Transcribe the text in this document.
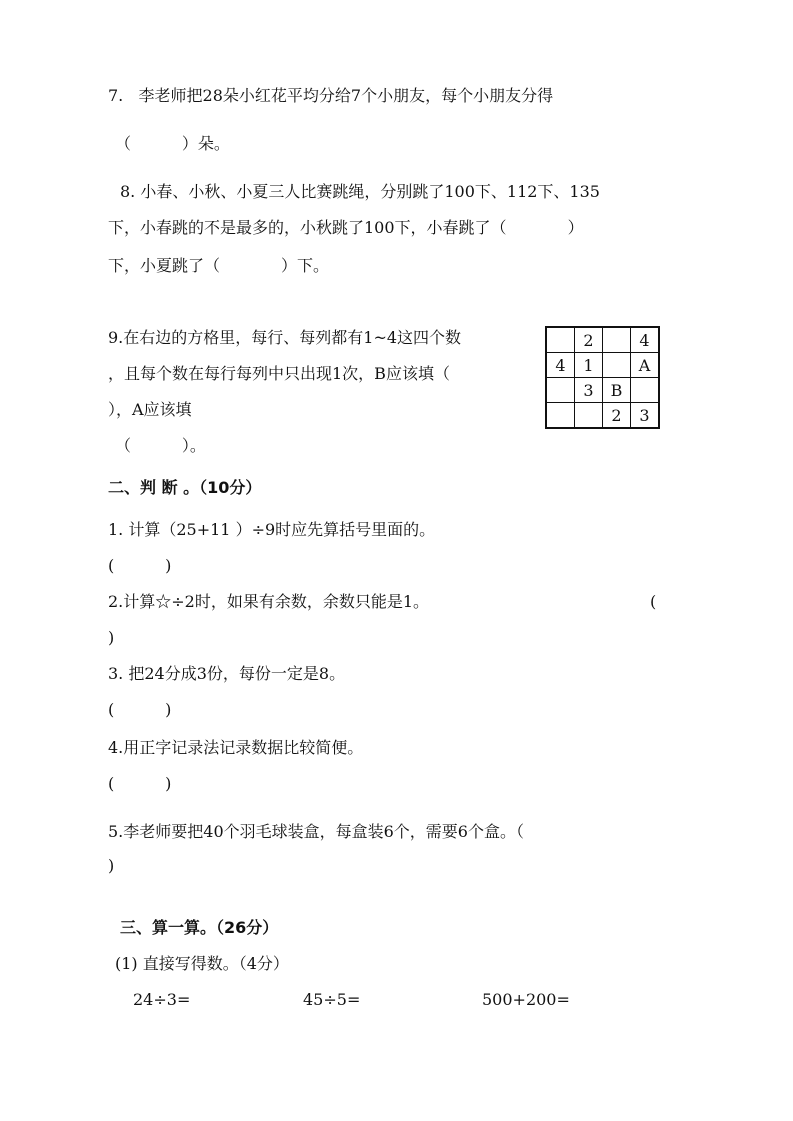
7.   李老师把28朵小红花平均分给7个小朋友，每个小朋友分得
（          ）朵。
8. 小春、小秋、小夏三人比赛跳绳，分别跳了100下、112下、135
下，小春跳的不是最多的，小秋跳了100下，小春跳了（            ）
下，小夏跳了（            ）下。
9.在右边的方格里，每行、每列都有1~4这四个数
，且每个数在每行每列中只出现1次，B应该填（
），A应该填
（          ）。
	2		4
4	1		A
	3	B	
		2	3
二、判 断 。（10分）
1. 计算（25+11 ）÷9时应先算括号里面的。
(          )
2.计算☆÷2时，如果有余数，余数只能是1。	(
)
3. 把24分成3份，每份一定是8。
(          )
4.用正字记录法记录数据比较简便。
(          )
5.李老师要把40个羽毛球装盒，每盒装6个，需要6个盒。（
)
三、算一算。（26分）
(1) 直接写得数。（4分）
24÷3=	45÷5=	500+200=
